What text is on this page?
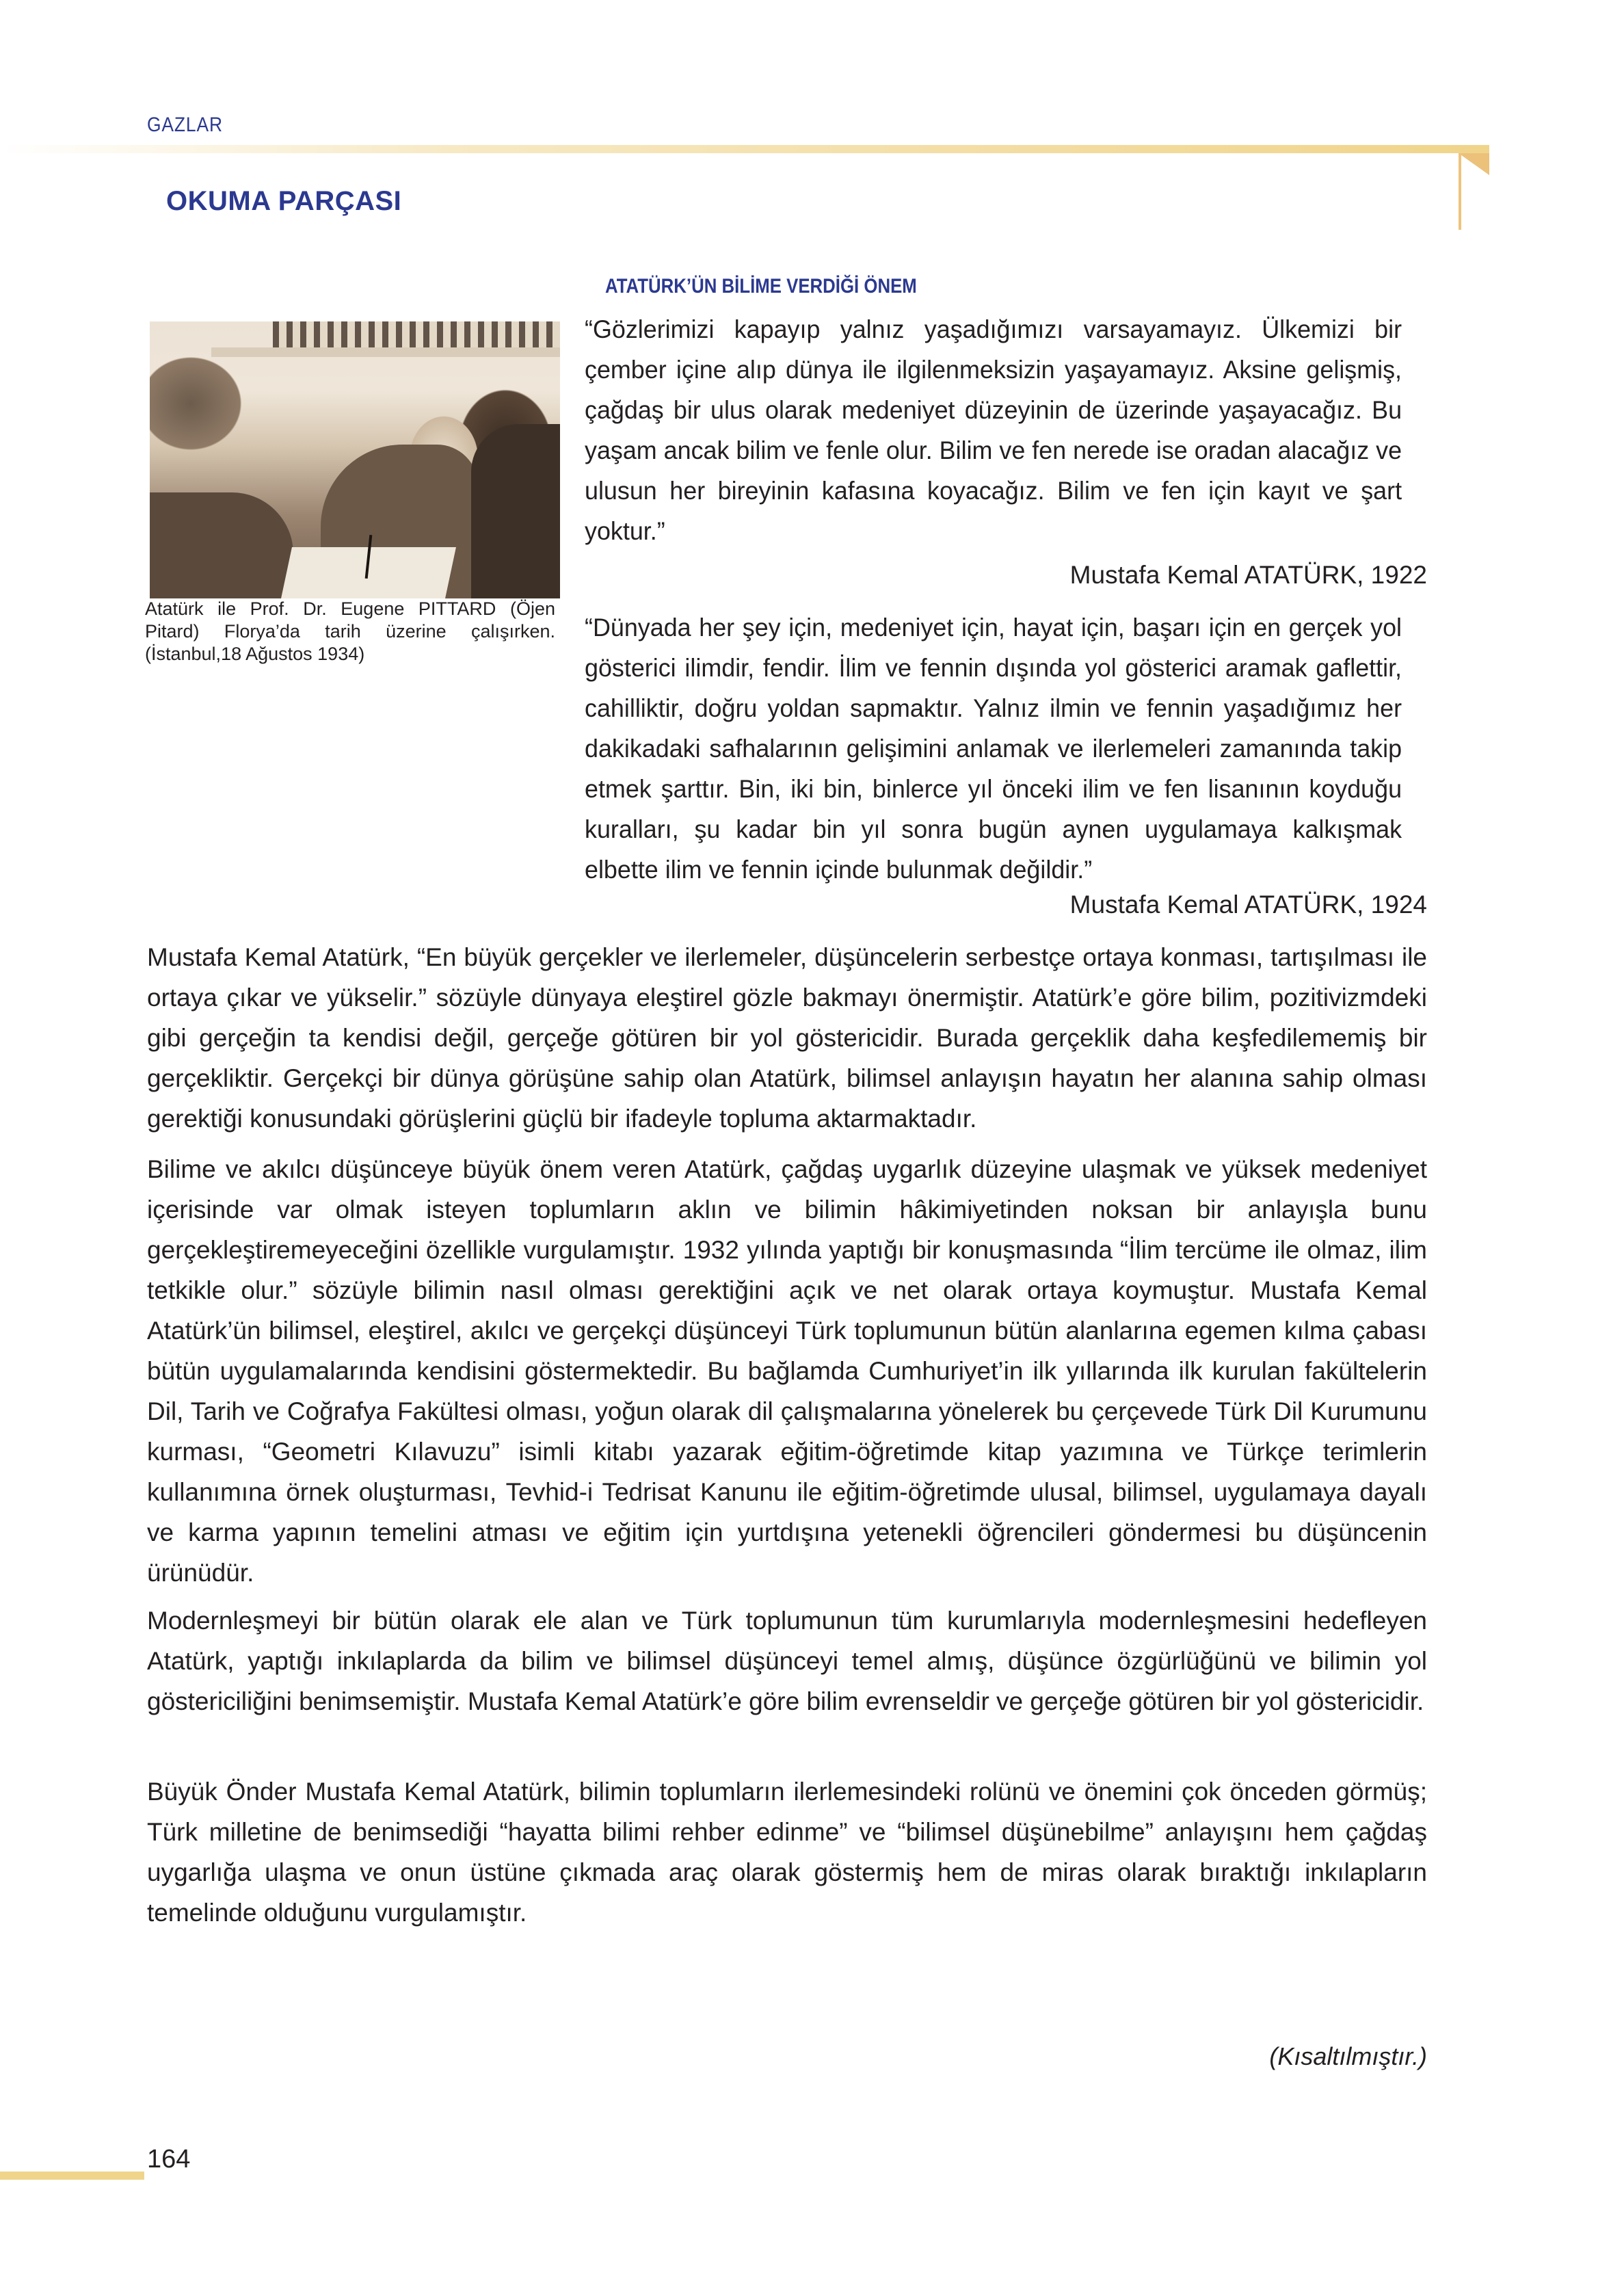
GAZLAR
OKUMA PARÇASI
ATATÜRK’ÜN BİLİME VERDİĞİ ÖNEM
Atatürk ile Prof. Dr. Eugene PITTARD (Öjen Pitard) Florya’da tarih üzerine çalışırken. (İstanbul,18 Ağustos 1934)
“Gözlerimizi kapayıp yalnız yaşadığımızı varsayamayız. Ülkemizi bir çember içine alıp dünya ile ilgilenmeksizin yaşayamayız. Aksine gelişmiş, çağdaş bir ulus olarak medeniyet düzeyinin de üzerinde yaşayacağız. Bu yaşam ancak bilim ve fenle olur. Bilim ve fen nerede ise oradan alacağız ve ulusun her bireyinin kafasına koyacağız. Bilim ve fen için kayıt ve şart yoktur.”
Mustafa Kemal ATATÜRK, 1922
“Dünyada her şey için, medeniyet için, hayat için, başarı için en gerçek yol gösterici ilimdir, fendir. İlim ve fennin dışında yol gösterici aramak gaflettir, cahilliktir, doğru yoldan sapmaktır. Yalnız ilmin ve fennin yaşadığımız her dakikadaki safhalarının gelişimini anlamak ve ilerlemeleri zamanında takip etmek şarttır. Bin, iki bin, binlerce yıl önceki ilim ve fen lisanının koyduğu kuralları, şu kadar bin yıl sonra bugün aynen uygulamaya kalkışmak elbette ilim ve fennin içinde bulunmak değildir.”
Mustafa Kemal ATATÜRK, 1924

Mustafa Kemal Atatürk, “En büyük gerçekler ve ilerlemeler, düşüncelerin serbestçe ortaya konması, tartışılması ile ortaya çıkar ve yükselir.” sözüyle dünyaya eleştirel gözle bakmayı önermiştir. Atatürk’e göre bilim, pozitivizmdeki gibi gerçeğin ta kendisi değil, gerçeğe götüren bir yol göstericidir. Burada gerçeklik daha keşfedilememiş bir gerçekliktir. Gerçekçi bir dünya görüşüne sahip olan Atatürk, bilimsel anlayışın hayatın her alanına sahip olması gerektiği konusundaki görüşlerini güçlü bir ifadeyle topluma aktarmaktadır.

Bilime ve akılcı düşünceye büyük önem veren Atatürk, çağdaş uygarlık düzeyine ulaşmak ve yüksek medeniyet içerisinde var olmak isteyen toplumların aklın ve bilimin hâkimiyetinden noksan bir anlayışla bunu gerçekleştiremeyeceğini özellikle vurgulamıştır. 1932 yılında yaptığı bir konuşmasında “İlim tercüme ile olmaz, ilim tetkikle olur.” sözüyle bilimin nasıl olması gerektiğini açık ve net olarak ortaya koymuştur. Mustafa Kemal Atatürk’ün bilimsel, eleştirel, akılcı ve gerçekçi düşünceyi Türk toplumunun bütün alanlarına egemen kılma çabası bütün uygulamalarında kendisini göstermektedir. Bu bağlamda Cumhuriyet’in ilk yıllarında ilk kurulan fakültelerin Dil, Tarih ve Coğrafya Fakültesi olması, yoğun olarak dil çalışmalarına yönelerek bu çerçevede Türk Dil Kurumunu kurması, “Geometri Kılavuzu” isimli kitabı yazarak eğitim-öğretimde kitap yazımına ve Türkçe terimlerin kullanımına örnek oluşturması, Tevhid-i Tedrisat Kanunu ile eğitim-öğretimde ulusal, bilimsel, uygulamaya dayalı ve karma yapının temelini atması ve eğitim için yurtdışına yetenekli öğrencileri göndermesi bu düşüncenin ürünüdür.

Modernleşmeyi bir bütün olarak ele alan ve Türk toplumunun tüm kurumlarıyla modernleşmesini hedefleyen Atatürk, yaptığı inkılaplarda da bilim ve bilimsel düşünceyi temel almış, düşünce özgürlüğünü ve bilimin yol göstericiliğini benimsemiştir. Mustafa Kemal Atatürk’e göre bilim evrenseldir ve gerçeğe götüren bir yol göstericidir.

Büyük Önder Mustafa Kemal Atatürk, bilimin toplumların ilerlemesindeki rolünü ve önemini çok önceden görmüş; Türk milletine de benimsediği “hayatta bilimi rehber edinme” ve “bilimsel düşünebilme” anlayışını hem çağdaş uygarlığa ulaşma ve onun üstüne çıkmada araç olarak göstermiş hem de miras olarak bıraktığı inkılapların temelinde olduğunu vurgulamıştır.

(Kısaltılmıştır.)
164
